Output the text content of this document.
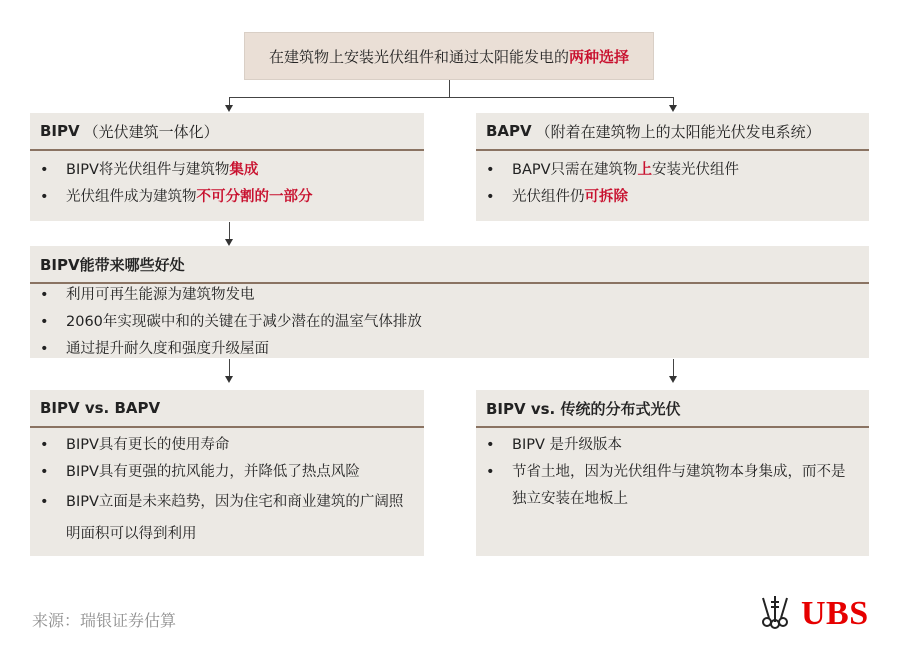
在建筑物上安装光伏组件和通过太阳能发电的 两种选择
BIPV （光伏建筑一体化）
• BIPV将光伏组件与建筑物集成
• 光伏组件成为建筑物不可分割的一部分
BAPV （附着在建筑物上的太阳能光伏发电系统）
• BAPV只需在建筑物上安装光伏组件
• 光伏组件仍可拆除
BIPV能带来哪些好处
• 利用可再生能源为建筑物发电
• 2060年实现碳中和的关键在于减少潜在的温室气体排放
• 通过提升耐久度和强度升级屋面
BIPV vs. BAPV
• BIPV具有更长的使用寿命
• BIPV具有更强的抗风能力，并降低了热点风险
• BIPV立面是未来趋势，因为住宅和商业建筑的广阔照明面积可以得到利用
BIPV vs. 传统的分布式光伏
• BIPV 是升级版本
• 节省土地，因为光伏组件与建筑物本身集成，而不是独立安装在地板上
来源：瑞银证券估算	UBS
